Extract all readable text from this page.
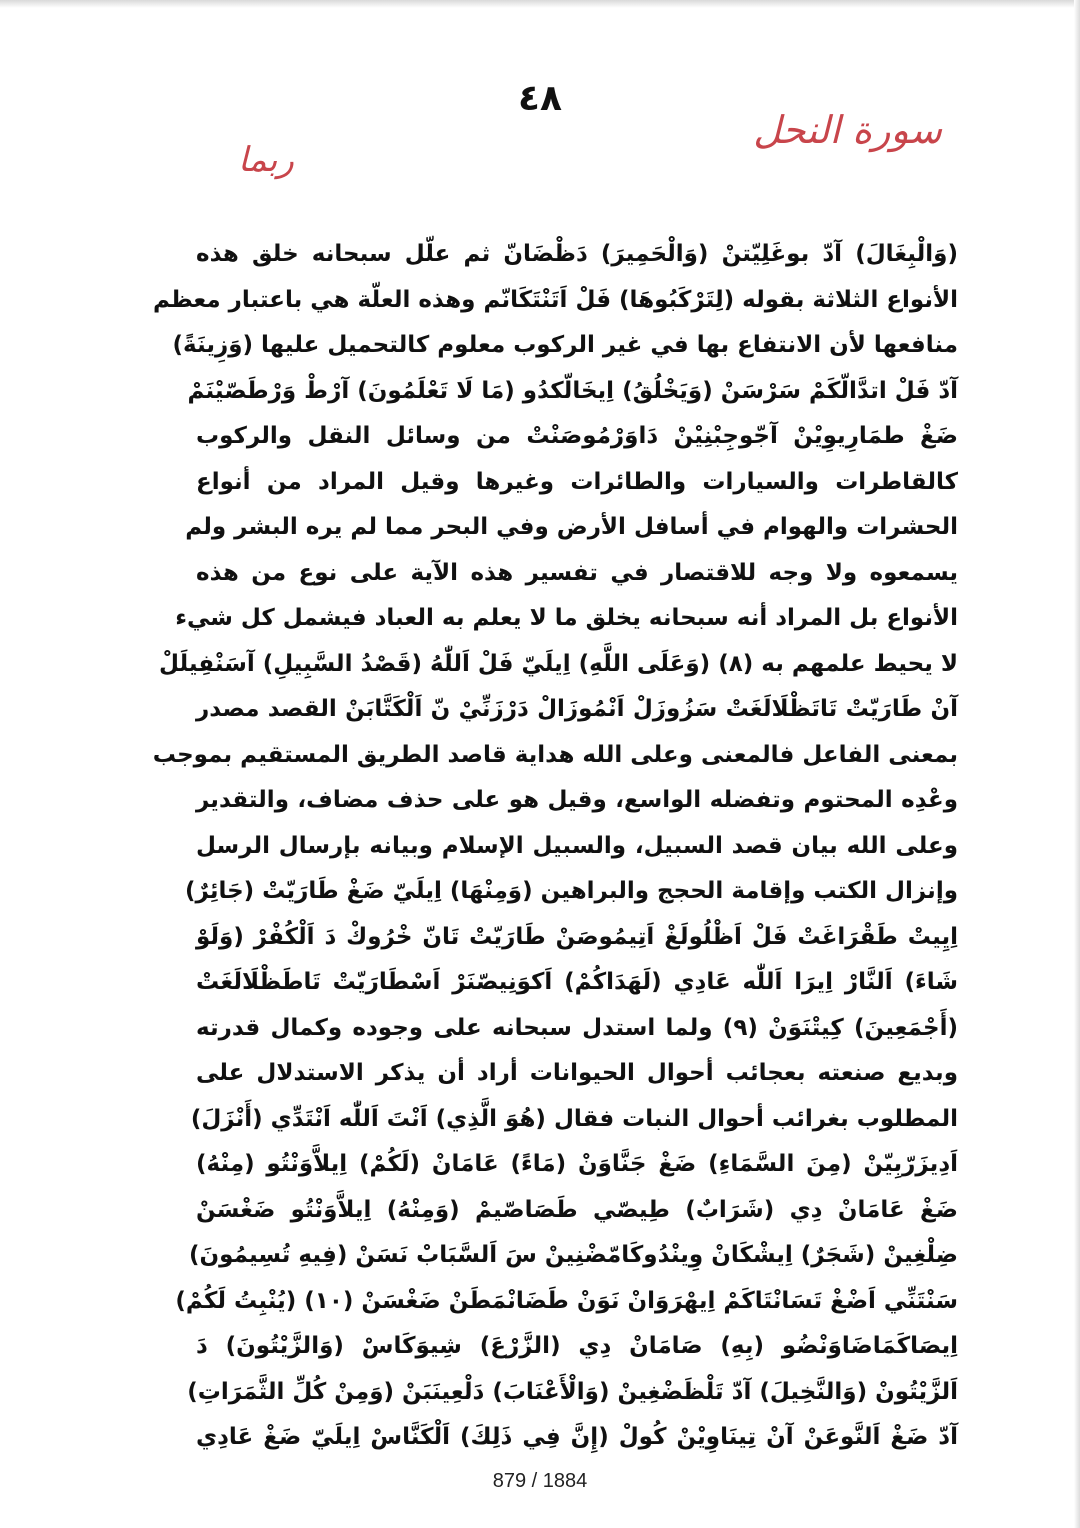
٤٨
سورة النحل
ربما
(وَالْبِغَالَ) آدّ بوغَلِيّتنْ (وَالْحَمِيرَ) دَظْضَانّ ثم علّل سبحانه خلق هذه
الأنواع الثلاثة بقوله (لِتَرْكَبُوهَا) فَلْ اَتَنْتَكَانّم وهذه العلّة هي باعتبار معظم
منافعها لأن الانتفاع بها في غير الركوب معلوم كالتحميل عليها (وَزِينَةً)
آدّ فَلْ اتدَّالّكَمْ سَرْسَنْ (وَيَخْلُقُ) اِيخَالّكدُو (مَا لَا تَعْلَمُونَ) آرْطْ وَرْطَصّيْنَمْ
ضَغْ طمَارِيوِيْنْ آجّوجِبْنِيْنْ دَاوَرْمُوصَنْتْ من وسائل النقل والركوب
كالقاطرات والسيارات والطائرات وغيرها وقيل المراد من أنواع
الحشرات والهوام في أسافل الأرض وفي البحر مما لم يره البشر ولم
يسمعوه ولا وجه للاقتصار في تفسير هذه الآية على نوع من هذه
الأنواع بل المراد أنه سبحانه يخلق ما لا يعلم به العباد فيشمل كل شيء
لا يحيط علمهم به (٨) (وَعَلَى اللَّهِ) اِيلَيّ فَلْ اَللّٰهُ (قَصْدُ السَّبِيلِ) آسَنْفِيلَلْ
آنْ طَارَيّتْ تَاتَظْلَالَغَتْ سَزُوزَلْ اَنْمُوزَالْ دَرْزَنِّيْ نّ اَلْكَتَّابَنْ القصد مصدر
بمعنى الفاعل فالمعنى وعلى الله هداية قاصد الطريق المستقيم بموجب
وعْدِه المحتوم وتفضله الواسع، وقيل هو على حذف مضاف، والتقدير
وعلى الله بيان قصد السبيل، والسبيل الإسلام وبيانه بإرسال الرسل
وإنزال الكتب وإقامة الحجج والبراهين (وَمِنْهَا) اِيلَيّ ضَغْ طَارَيّتْ (جَائِرٌ)
اِيِيتْ طَقْرَاغَتْ فَلْ اَظْلُولَغْ اَتِيمُوصَنْ طَارَيّتْ تَانّ خْرُوكْ دَ اَلْكُفْرْ (وَلَوْ
شَاءَ) اَلنَّارْ اِيرَا اَللّٰه عَادِي (لَهَدَاكُمْ) اَكوَنِيصّنَرْ اَسْطَارَيّتْ تَاطَظْلَالَغَتْ
(أَجْمَعِينَ) كِيتْنَوَنْ (٩) ولما استدل سبحانه على وجوده وكمال قدرته
وبديع صنعته بعجائب أحوال الحيوانات أراد أن يذكر الاستدلال على
المطلوب بغرائب أحوال النبات فقال (هُوَ الَّذِي) اَنْتَ اَللّٰه اَنْتَدِّي (أَنْزَلَ)
اَدِيزَرّبِيّنْ (مِنَ السَّمَاءِ) ضَغْ جَنَّاوَنْ (مَاءً) عَامَانْ (لَكُمْ) اِيلاَّوَنْتُو (مِنْهُ)
ضَغْ عَامَانْ دِي (شَرَابٌ) طِيصّي طَصَاصّيمْ (وَمِنْهُ) اِيلاَّوَنْتُو ضَغْسَنْ
ضِلْغِينْ (شَجَرٌ) اِيشْكَانْ وِينْدُوكَامّضْنِينْ سَ اَلسَّبَابْ نَسَنْ (فِيهِ تُسِيمُونَ)
سَنْتَنِّي اَضْغْ تَسَانْتَاكَمْ اِيهْرَوَانْ نَوَنْ طَضَانْمَطَنْ ضَغْسَنْ (١٠) (يُنْبِتُ لَكُمْ)
اِيصَاكَمَاضَاوَنْضُو (بِهِ) صَامَانْ دِي (الزَّرْعَ) شِيوَكَاسْ (وَالزَّيْتُونَ) دَ
اَلزَّيْتُونْ (وَالنَّخِيلَ) آدّ تَلْظَضْغِينْ (وَالْأَعْنَابَ) دَلْعِينَبَنْ (وَمِنْ كُلِّ الثَّمَرَاتِ)
آدّ ضَغْ اَلنَّوعَنْ آنْ تِينَاوِيْنْ كُولْ (إِنَّ فِي ذَلِكَ) اَلْكَنَّاسْ اِيلَيّ ضَغْ عَادِي
879 / 1884
